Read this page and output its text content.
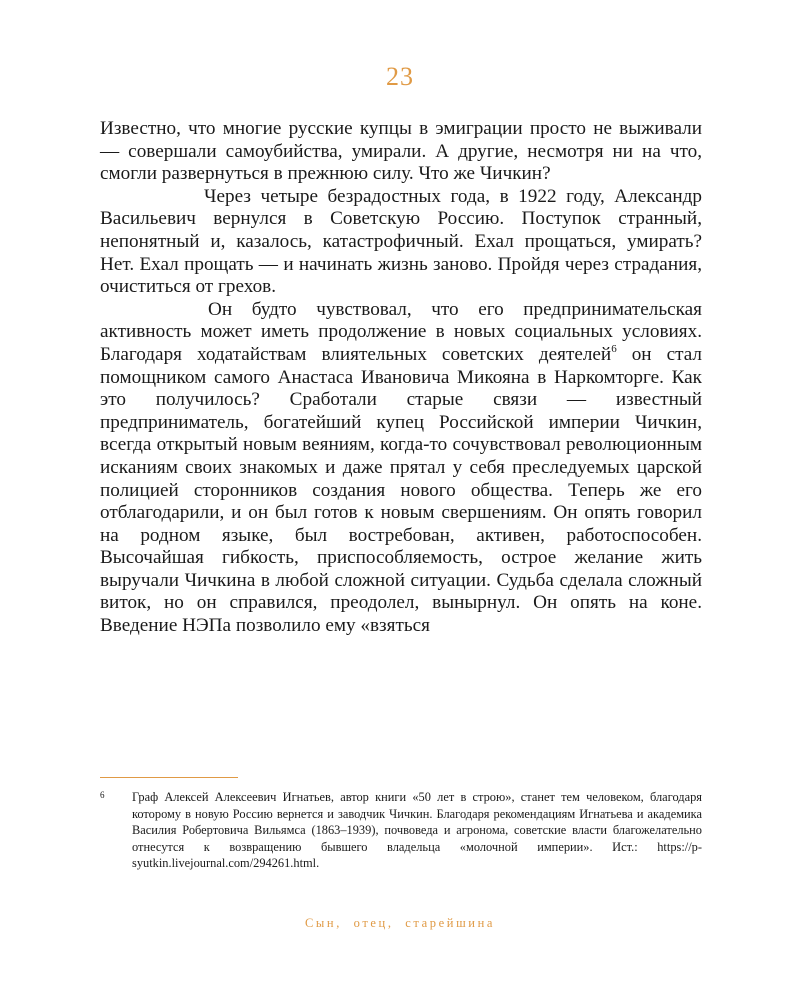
23

Известно, что многие русские купцы в эмиграции просто не выживали — совершали самоубийства, умирали. А другие, несмотря ни на что, смогли развернуться в прежнюю силу. Что же Чичкин?

Через четыре безрадостных года, в 1922 году, Александр Васильевич вернулся в Советскую Россию. Поступок странный, непонятный и, казалось, катастрофичный. Ехал прощаться, умирать? Нет. Ехал прощать — и начинать жизнь заново. Пройдя через страдания, очиститься от грехов.

Он будто чувствовал, что его предпринимательская активность может иметь продолжение в новых социальных условиях. Благодаря ходатайствам влиятельных советских деятелей$^6$ он стал помощником самого Анастаса Ивановича Микояна в Наркомторге. Как это получилось? Сработали старые связи — известный предприниматель, богатейший купец Российской империи Чичкин, всегда открытый новым веяниям, когда-то сочувствовал революционным исканиям своих знакомых и даже прятал у себя преследуемых царской полицией сторонников создания нового общества. Теперь же его отблагодарили, и он был готов к новым свершениям. Он опять говорил на родном языке, был востребован, активен, работоспособен. Высочайшая гибкость, приспособляемость, острое желание жить выручали Чичкина в любой сложной ситуации. Судьба сделала сложный виток, но он справился, преодолел, вынырнул. Он опять на коне. Введение НЭПа позволило ему «взяться

6 Граф Алексей Алексеевич Игнатьев, автор книги «50 лет в строю», станет тем человеком, благодаря которому в новую Россию вернется и заводчик Чичкин. Благодаря рекомендациям Игнатьева и академика Василия Робертовича Вильямса (1863–1939), почвоведа и агронома, советские власти благожелательно отнесутся к возвращению бывшего владельца «молочной империи». Ист.: https://p-syutkin.livejournal.com/294261.html.
Сын, отец, старейшина
